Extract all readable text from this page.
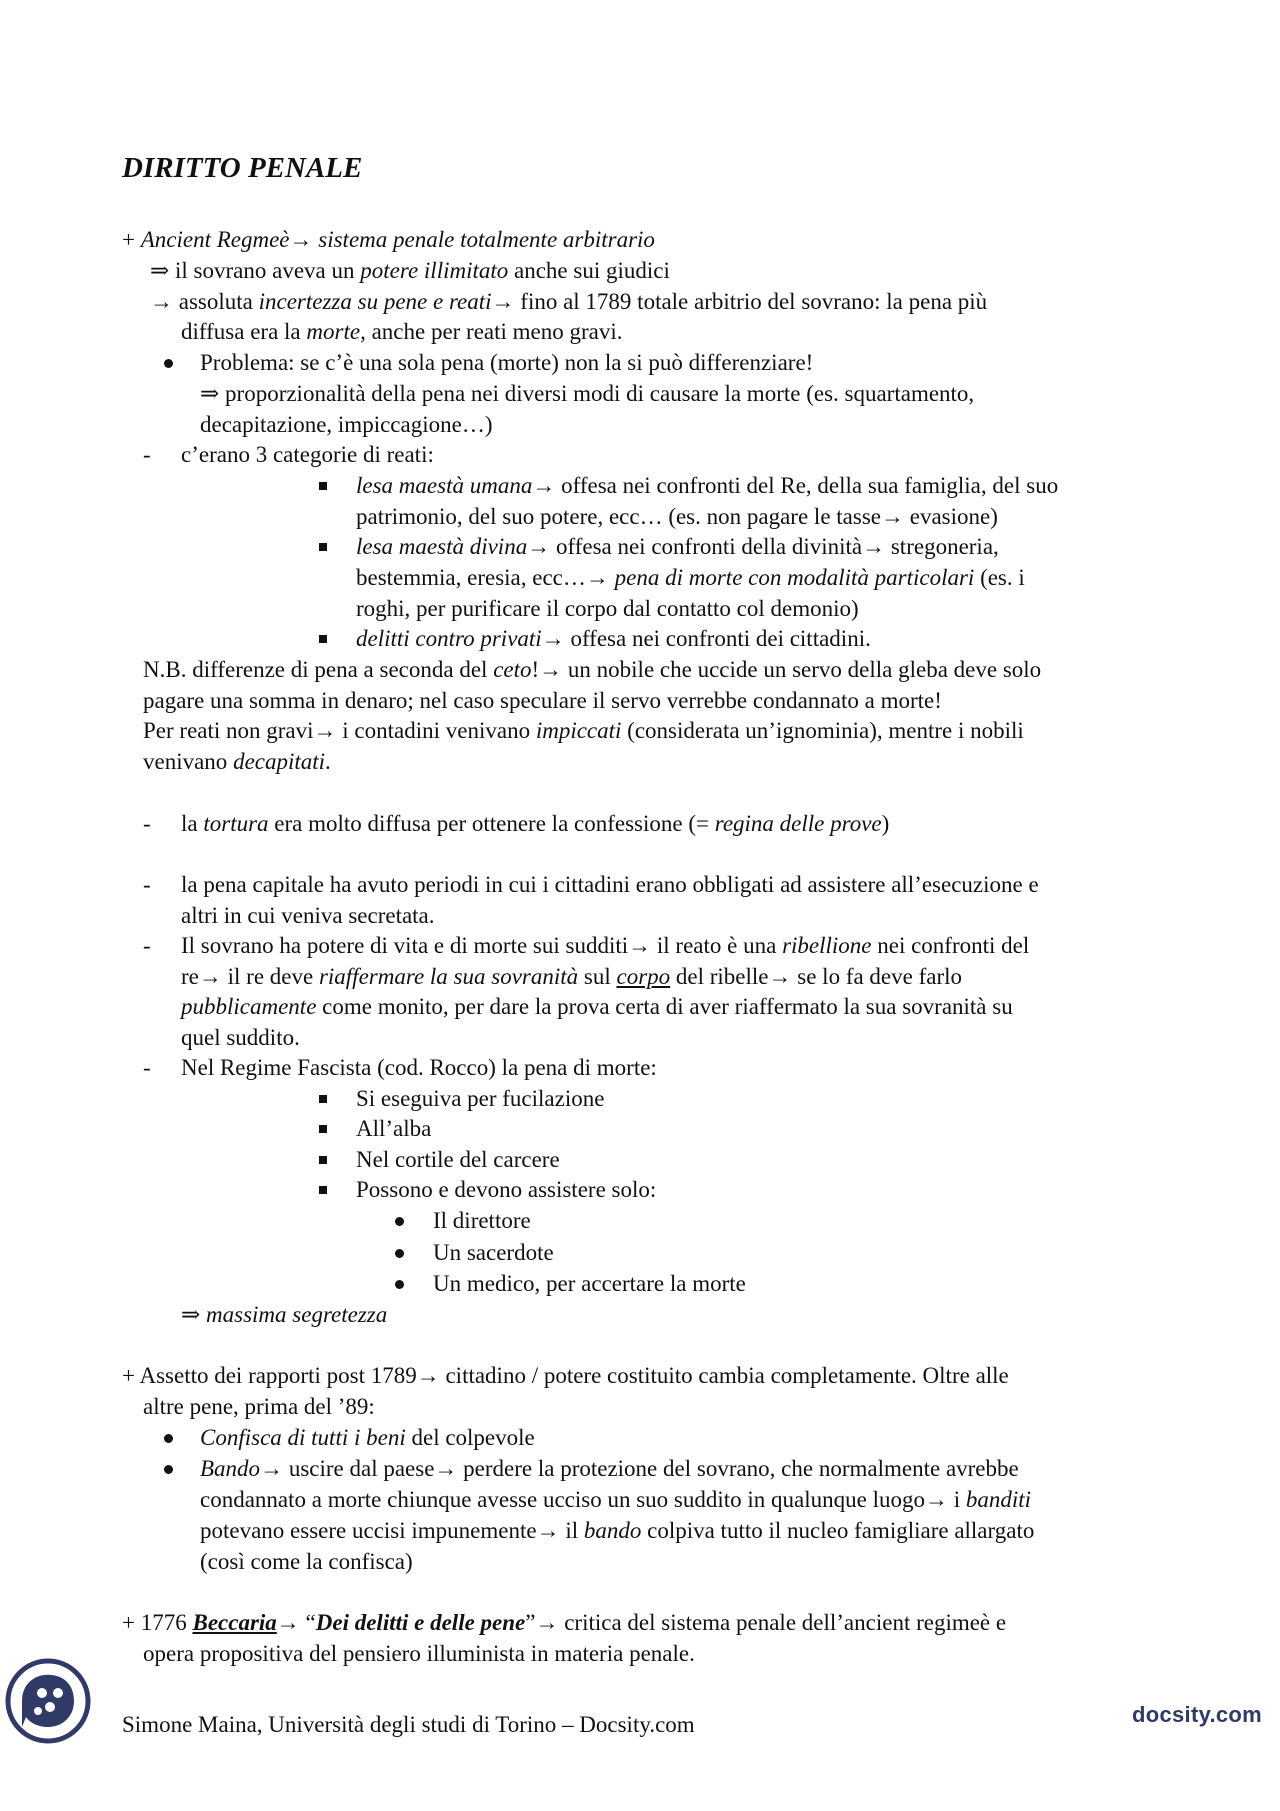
DIRITTO PENALE
+ Ancient Regmeè→ sistema penale totalmente arbitrario
⇒ il sovrano aveva un potere illimitato anche sui giudici
→ assoluta incertezza su pene e reati→ fino al 1789 totale arbitrio del sovrano: la pena più
diffusa era la morte, anche per reati meno gravi.
Problema: se c’è una sola pena (morte) non la si può differenziare!
⇒ proporzionalità della pena nei diversi modi di causare la morte (es. squartamento,
decapitazione, impiccagione…)
- c’erano 3 categorie di reati:
lesa maestà umana→ offesa nei confronti del Re, della sua famiglia, del suo
patrimonio, del suo potere, ecc… (es. non pagare le tasse→ evasione)
lesa maestà divina→ offesa nei confronti della divinità→ stregoneria,
bestemmia, eresia, ecc…→ pena di morte con modalità particolari (es. i
roghi, per purificare il corpo dal contatto col demonio)
delitti contro privati→ offesa nei confronti dei cittadini.
N.B. differenze di pena a seconda del ceto!→ un nobile che uccide un servo della gleba deve solo
pagare una somma in denaro; nel caso speculare il servo verrebbe condannato a morte!
Per reati non gravi→ i contadini venivano impiccati (considerata un’ignominia), mentre i nobili
venivano decapitati.
- la tortura era molto diffusa per ottenere la confessione (= regina delle prove)
- la pena capitale ha avuto periodi in cui i cittadini erano obbligati ad assistere all’esecuzione e
altri in cui veniva secretata.
- Il sovrano ha potere di vita e di morte sui sudditi→ il reato è una ribellione nei confronti del
re→ il re deve riaffermare la sua sovranità sul corpo del ribelle→ se lo fa deve farlo
pubblicamente come monito, per dare la prova certa di aver riaffermato la sua sovranità su
quel suddito.
- Nel Regime Fascista (cod. Rocco) la pena di morte:
Si eseguiva per fucilazione
All’alba
Nel cortile del carcere
Possono e devono assistere solo:
Il direttore
Un sacerdote
Un medico, per accertare la morte
⇒ massima segretezza
+ Assetto dei rapporti post 1789→ cittadino / potere costituito cambia completamente. Oltre alle
altre pene, prima del ’89:
Confisca di tutti i beni del colpevole
Bando→ uscire dal paese→ perdere la protezione del sovrano, che normalmente avrebbe
condannato a morte chiunque avesse ucciso un suo suddito in qualunque luogo→ i banditi
potevano essere uccisi impunemente→ il bando colpiva tutto il nucleo famigliare allargato
(così come la confisca)
+ 1776 Beccaria→ “Dei delitti e delle pene”→ critica del sistema penale dell’ancient regimeè e
opera propositiva del pensiero illuminista in materia penale.
Simone Maina, Università degli studi di Torino – Docsity.com	docsity.com
